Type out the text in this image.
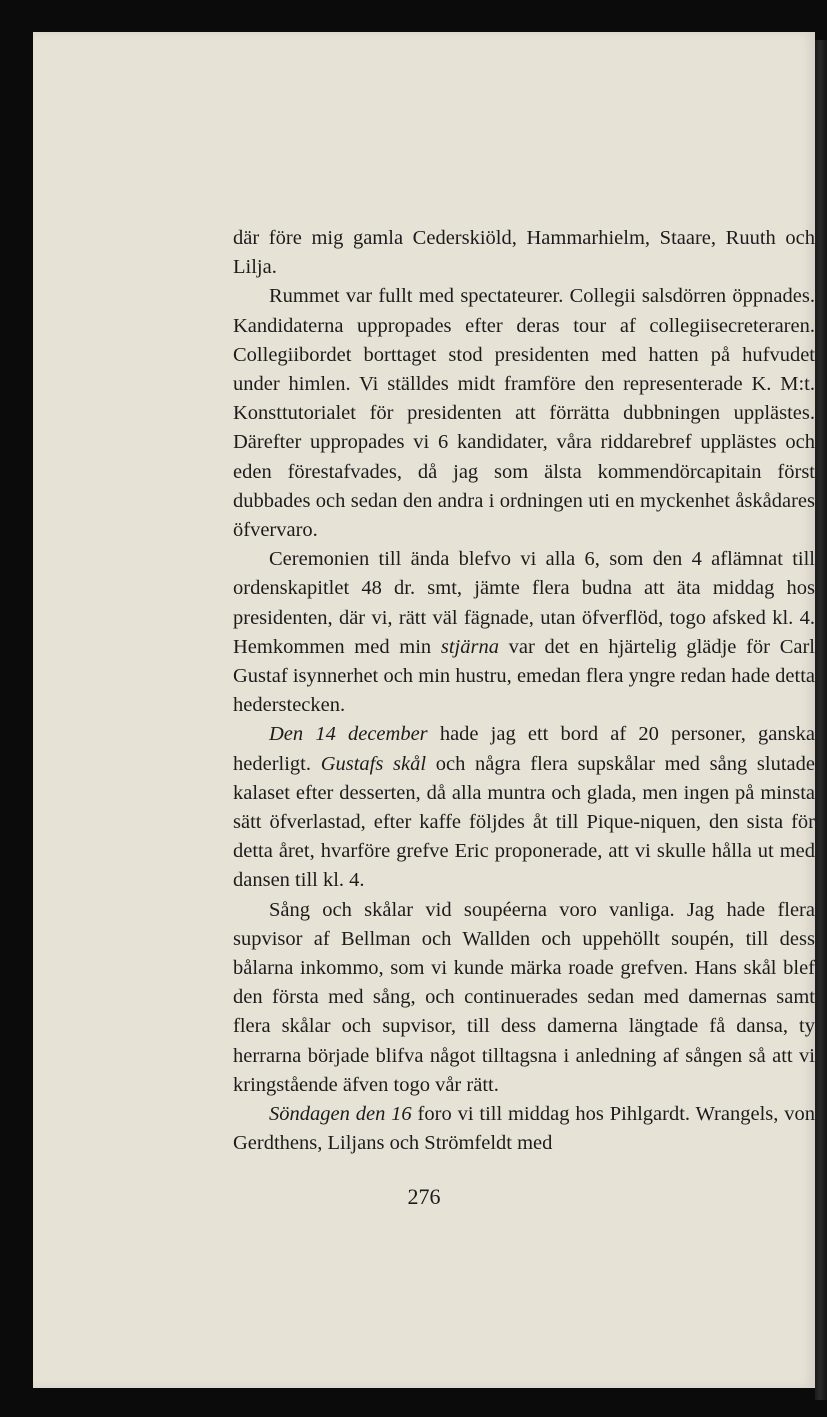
där före mig gamla Cederskiöld, Hammarhielm, Staare, Ruuth och Lilja.

Rummet var fullt med spectateurer. Collegii salsdörren öppnades. Kandidaterna uppropades efter deras tour af collegiisecreteraren. Collegiibordet borttaget stod presidenten med hatten på hufvudet under himlen. Vi ställdes midt framföre den representerade K. M:t. Konsttutorialet för presidenten att förrätta dubbningen upplästes. Därefter uppropades vi 6 kandidater, våra riddarebref upplästes och eden förestafvades, då jag som älsta kommendörcapitain först dubbades och sedan den andra i ordningen uti en myckenhet åskådares öfvervaro.

Ceremonien till ända blefvo vi alla 6, som den 4 aflämnat till ordenskapitlet 48 dr. smt, jämte flera budna att äta middag hos presidenten, där vi, rätt väl fägnade, utan öfverflöd, togo afsked kl. 4. Hemkommen med min stjärna var det en hjärtelig glädje för Carl Gustaf isynnerhet och min hustru, emedan flera yngre redan hade detta hederstecken.

Den 14 december hade jag ett bord af 20 personer, ganska hederligt. Gustafs skål och några flera supskålar med sång slutade kalaset efter desserten, då alla muntra och glada, men ingen på minsta sätt öfverlastad, efter kaffe följdes åt till Pique-niquen, den sista för detta året, hvarföre grefve Eric proponerade, att vi skulle hålla ut med dansen till kl. 4.

Sång och skålar vid soupéerna voro vanliga. Jag hade flera supvisor af Bellman och Wallden och uppehöllt soupén, till dess bålarna inkommo, som vi kunde märka roade grefven. Hans skål blef den första med sång, och continuerades sedan med damernas samt flera skålar och supvisor, till dess damerna längtade få dansa, ty herrarna började blifva något tilltagsna i anledning af sången så att vi kringstående äfven togo vår rätt.

Söndagen den 16 foro vi till middag hos Pihlgardt. Wrangels, von Gerdthens, Liljans och Strömfeldt med

276
